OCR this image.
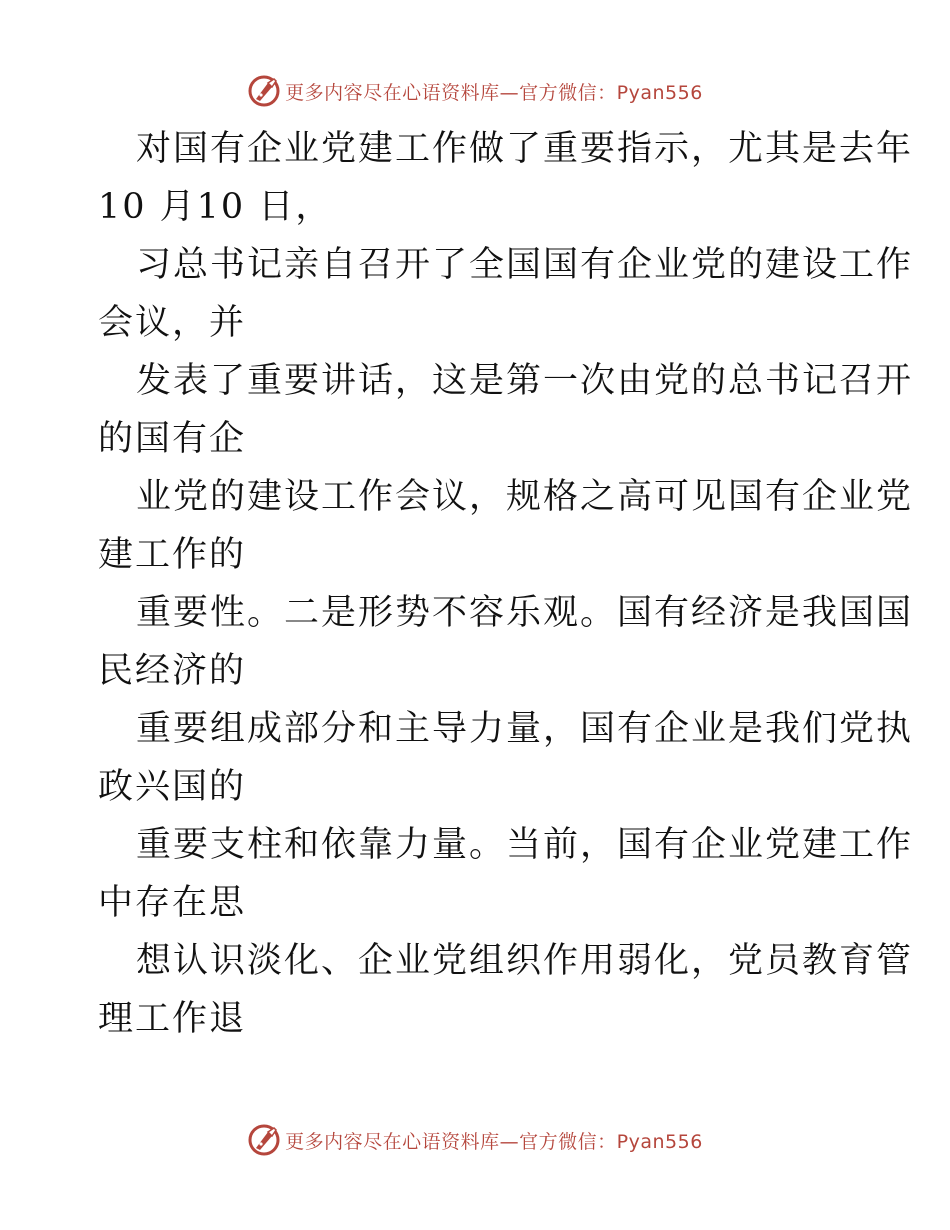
更多内容尽在心语资料库—官方微信：Pyan556
对国有企业党建工作做了重要指示，尤其是去年
10 月10 日，
习总书记亲自召开了全国国有企业党的建设工作
会议，并
发表了重要讲话，这是第一次由党的总书记召开
的国有企
业党的建设工作会议，规格之高可见国有企业党
建工作的
重要性。二是形势不容乐观。国有经济是我国国
民经济的
重要组成部分和主导力量，国有企业是我们党执
政兴国的
重要支柱和依靠力量。当前，国有企业党建工作
中存在思
想认识淡化、企业党组织作用弱化，党员教育管
理工作退
更多内容尽在心语资料库—官方微信：Pyan556
